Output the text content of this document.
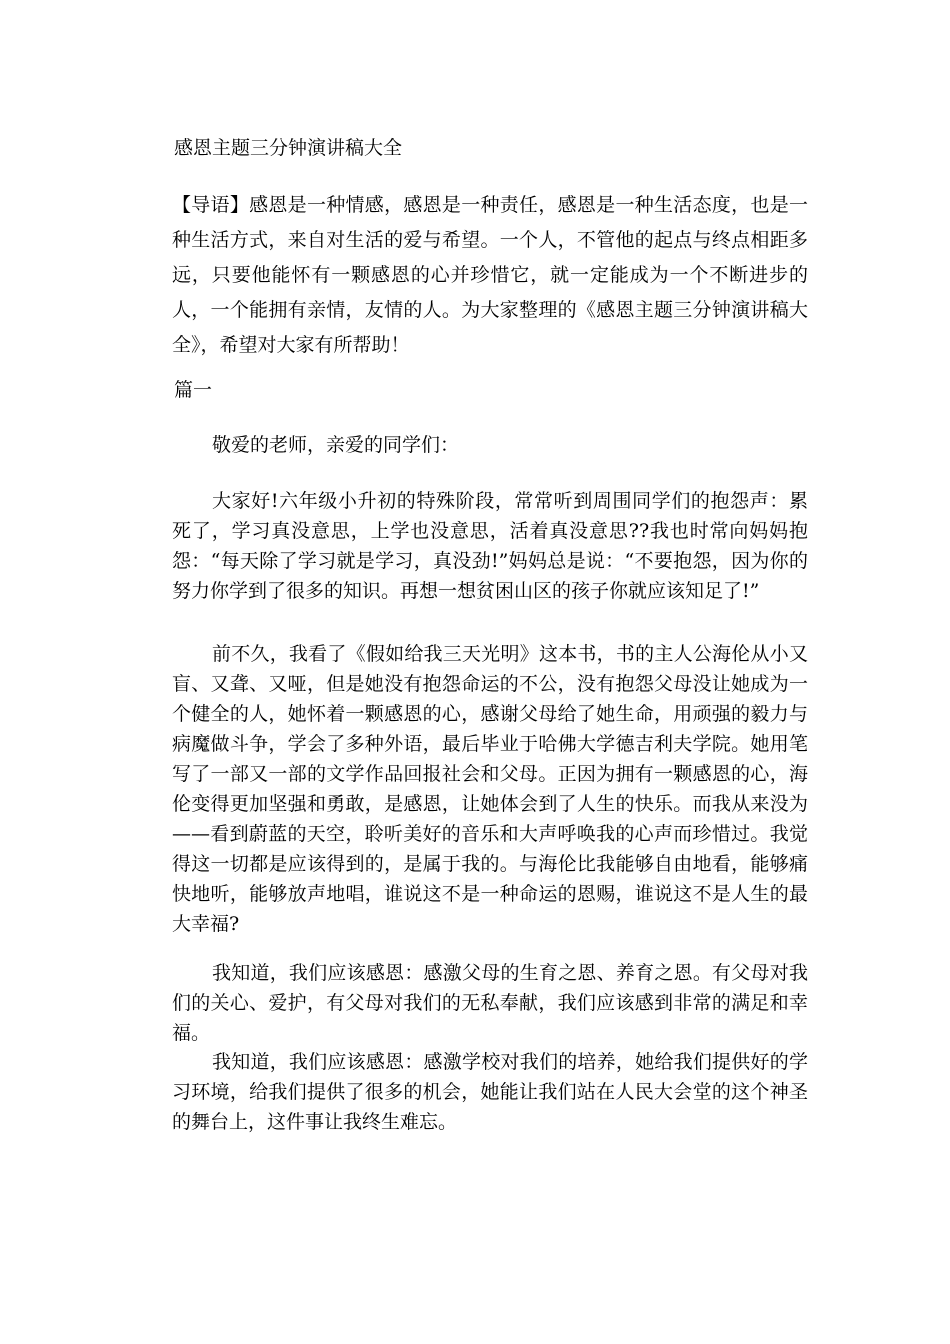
感恩主题三分钟演讲稿大全
【导语】感恩是一种情感，感恩是一种责任，感恩是一种生活态度，也是一种生活方式，来自对生活的爱与希望。一个人，不管他的起点与终点相距多远，只要他能怀有一颗感恩的心并珍惜它，就一定能成为一个不断进步的人，一个能拥有亲情，友情的人。为大家整理的《感恩主题三分钟演讲稿大全》，希望对大家有所帮助！
篇一
敬爱的老师，亲爱的同学们：
大家好!六年级小升初的特殊阶段，常常听到周围同学们的抱怨声：累死了，学习真没意思，上学也没意思，活着真没意思??我也时常向妈妈抱怨：“每天除了学习就是学习，真没劲!”妈妈总是说：“不要抱怨，因为你的努力你学到了很多的知识。再想一想贫困山区的孩子你就应该知足了!”
前不久，我看了《假如给我三天光明》这本书，书的主人公海伦从小又盲、又聋、又哑，但是她没有抱怨命运的不公，没有抱怨父母没让她成为一个健全的人，她怀着一颗感恩的心，感谢父母给了她生命，用顽强的毅力与病魔做斗争，学会了多种外语，最后毕业于哈佛大学德吉利夫学院。她用笔写了一部又一部的文学作品回报社会和父母。正因为拥有一颗感恩的心，海伦变得更加坚强和勇敢，是感恩，让她体会到了人生的快乐。而我从来没为——看到蔚蓝的天空，聆听美好的音乐和大声呼唤我的心声而珍惜过。我觉得这一切都是应该得到的，是属于我的。与海伦比我能够自由地看，能够痛快地听，能够放声地唱，谁说这不是一种命运的恩赐，谁说这不是人生的最大幸福?
我知道，我们应该感恩：感激父母的生育之恩、养育之恩。有父母对我们的关心、爱护，有父母对我们的无私奉献，我们应该感到非常的满足和幸福。
我知道，我们应该感恩：感激学校对我们的培养，她给我们提供好的学习环境，给我们提供了很多的机会，她能让我们站在人民大会堂的这个神圣的舞台上，这件事让我终生难忘。
